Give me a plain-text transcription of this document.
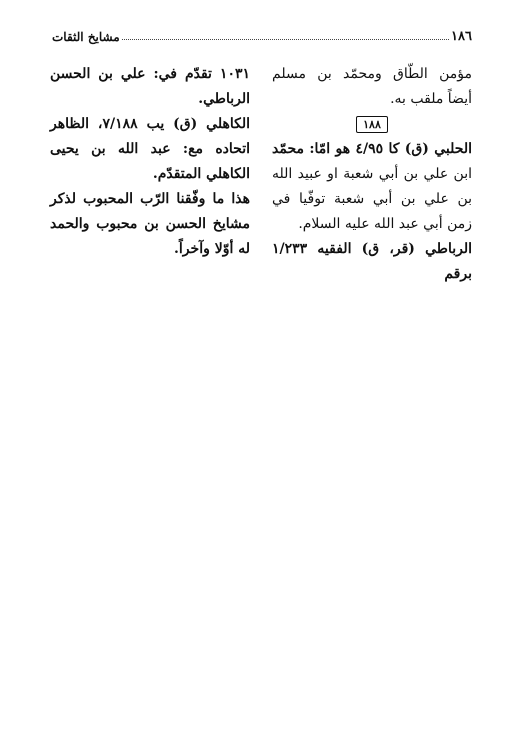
١٨٦
مشايخ الثقات

مؤمن الطّاق ومحمّد بن مسلم أيضاً ملقب به.

١٨٨

الحلبي (ق) كا ٤/٩٥ هو امّا: محمّد ابن علي بن أبي شعبة او عبيد الله بن علي بن أبي شعبة توفّيا في زمن أبي عبد الله عليه السلام.

الرباطي (قر، ق) الفقيه ١/٢٣٣ برقم

١٠٣١ تقدّم في: علي بن الحسن الرباطي.

الكاهلي (ق) يب ٧/١٨٨، الظاهر اتحاده مع: عبد الله بن يحيى الكاهلي المتقدّم.

هذا ما وفّقنا الرّب المحبوب لذكر مشايخ الحسن بن محبوب والحمد له أوّلا وآخراً.
